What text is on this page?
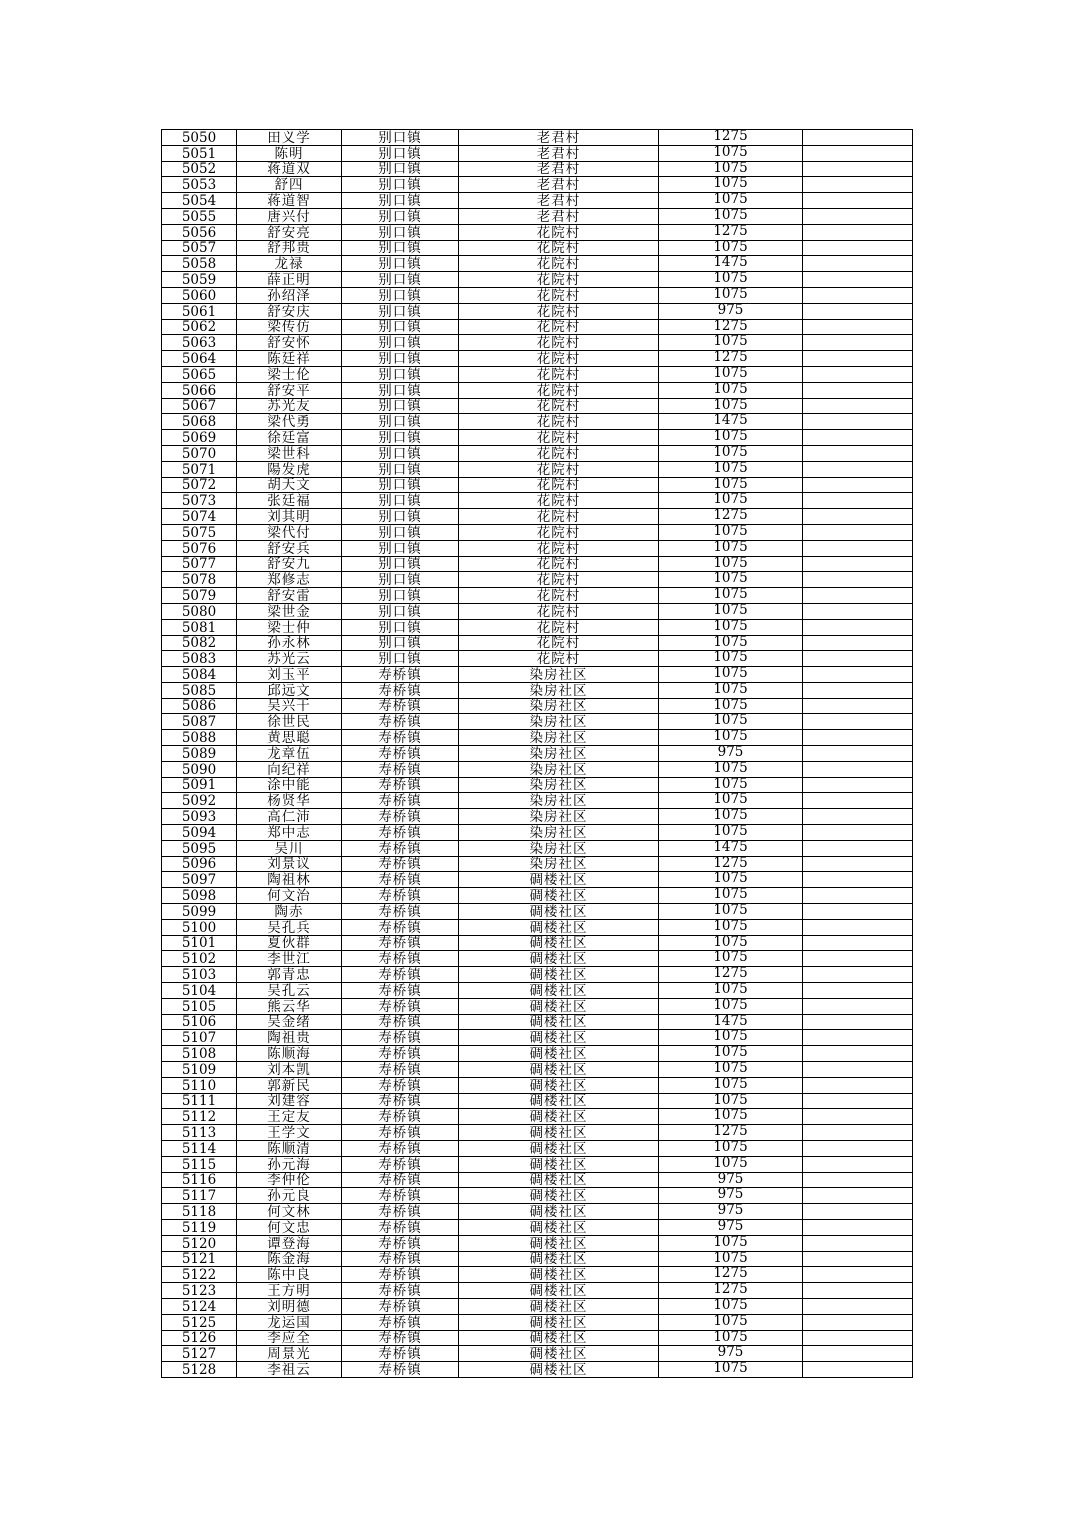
5050	田义学	别口镇	老君村	1275	
5051	陈明	别口镇	老君村	1075	
5052	蒋道双	别口镇	老君村	1075	
5053	舒四	别口镇	老君村	1075	
5054	蒋道智	别口镇	老君村	1075	
5055	唐兴付	别口镇	老君村	1075	
5056	舒安亮	别口镇	花院村	1275	
5057	舒邦贵	别口镇	花院村	1075	
5058	龙禄	别口镇	花院村	1475	
5059	薛正明	别口镇	花院村	1075	
5060	孙绍泽	别口镇	花院村	1075	
5061	舒安庆	别口镇	花院村	975	
5062	梁传仿	别口镇	花院村	1275	
5063	舒安怀	别口镇	花院村	1075	
5064	陈廷祥	别口镇	花院村	1275	
5065	梁士伦	别口镇	花院村	1075	
5066	舒安平	别口镇	花院村	1075	
5067	苏光友	别口镇	花院村	1075	
5068	梁代勇	别口镇	花院村	1475	
5069	徐廷富	别口镇	花院村	1075	
5070	梁世科	别口镇	花院村	1075	
5071	陽发虎	别口镇	花院村	1075	
5072	胡天文	别口镇	花院村	1075	
5073	张廷福	别口镇	花院村	1075	
5074	刘其明	别口镇	花院村	1275	
5075	梁代付	别口镇	花院村	1075	
5076	舒安兵	别口镇	花院村	1075	
5077	舒安九	别口镇	花院村	1075	
5078	郑修志	别口镇	花院村	1075	
5079	舒安雷	别口镇	花院村	1075	
5080	梁世金	别口镇	花院村	1075	
5081	梁士仲	别口镇	花院村	1075	
5082	孙永林	别口镇	花院村	1075	
5083	苏光云	别口镇	花院村	1075	
5084	刘玉平	寿桥镇	染房社区	1075	
5085	邱远文	寿桥镇	染房社区	1075	
5086	吴兴干	寿桥镇	染房社区	1075	
5087	徐世民	寿桥镇	染房社区	1075	
5088	黄思聪	寿桥镇	染房社区	1075	
5089	龙章伍	寿桥镇	染房社区	975	
5090	向纪祥	寿桥镇	染房社区	1075	
5091	涂中能	寿桥镇	染房社区	1075	
5092	杨贤华	寿桥镇	染房社区	1075	
5093	高仁沛	寿桥镇	染房社区	1075	
5094	郑中志	寿桥镇	染房社区	1075	
5095	吴川	寿桥镇	染房社区	1475	
5096	刘景议	寿桥镇	染房社区	1275	
5097	陶祖林	寿桥镇	碉楼社区	1075	
5098	何文治	寿桥镇	碉楼社区	1075	
5099	陶赤	寿桥镇	碉楼社区	1075	
5100	吴孔兵	寿桥镇	碉楼社区	1075	
5101	夏伙群	寿桥镇	碉楼社区	1075	
5102	李世江	寿桥镇	碉楼社区	1075	
5103	郭青忠	寿桥镇	碉楼社区	1275	
5104	吴孔云	寿桥镇	碉楼社区	1075	
5105	熊云华	寿桥镇	碉楼社区	1075	
5106	吴金绪	寿桥镇	碉楼社区	1475	
5107	陶祖贵	寿桥镇	碉楼社区	1075	
5108	陈顺海	寿桥镇	碉楼社区	1075	
5109	刘本凯	寿桥镇	碉楼社区	1075	
5110	郭新民	寿桥镇	碉楼社区	1075	
5111	刘建容	寿桥镇	碉楼社区	1075	
5112	王定友	寿桥镇	碉楼社区	1075	
5113	王学文	寿桥镇	碉楼社区	1275	
5114	陈顺清	寿桥镇	碉楼社区	1075	
5115	孙元海	寿桥镇	碉楼社区	1075	
5116	李仲伦	寿桥镇	碉楼社区	975	
5117	孙元良	寿桥镇	碉楼社区	975	
5118	何文林	寿桥镇	碉楼社区	975	
5119	何文忠	寿桥镇	碉楼社区	975	
5120	谭登海	寿桥镇	碉楼社区	1075	
5121	陈金海	寿桥镇	碉楼社区	1075	
5122	陈中良	寿桥镇	碉楼社区	1275	
5123	王方明	寿桥镇	碉楼社区	1275	
5124	刘明德	寿桥镇	碉楼社区	1075	
5125	龙运国	寿桥镇	碉楼社区	1075	
5126	李应全	寿桥镇	碉楼社区	1075	
5127	周景光	寿桥镇	碉楼社区	975	
5128	李祖云	寿桥镇	碉楼社区	1075	
